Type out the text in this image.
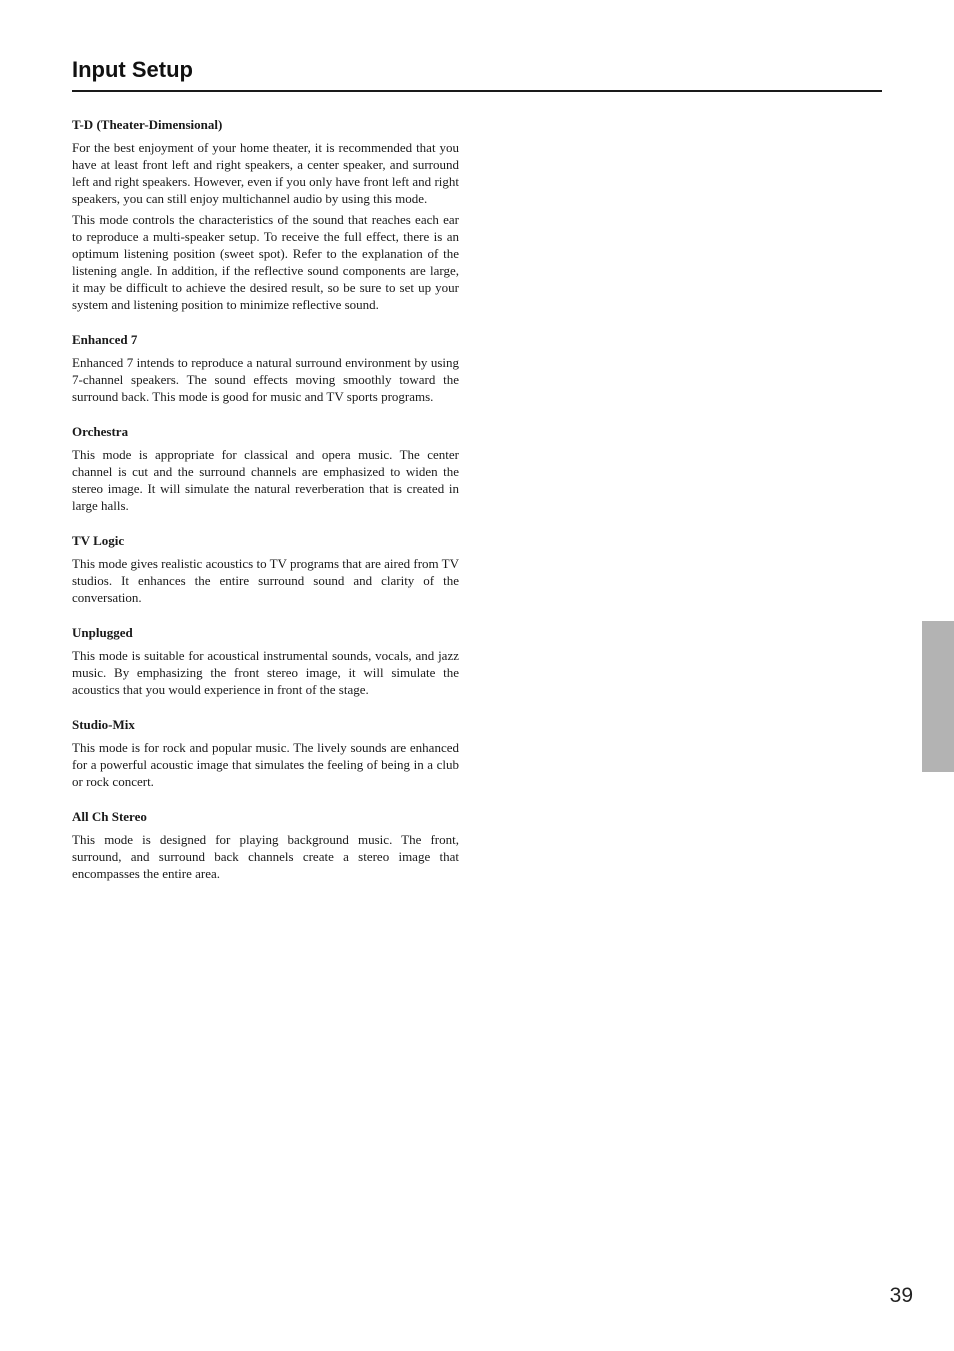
Input Setup
T-D (Theater-Dimensional)

For the best enjoyment of your home theater, it is recommended that you have at least front left and right speakers, a center speaker, and surround left and right speakers. However, even if you only have front left and right speakers, you can still enjoy multichannel audio by using this mode.

This mode controls the characteristics of the sound that reaches each ear to reproduce a multi-speaker setup. To receive the full effect, there is an optimum listening position (sweet spot). Refer to the explanation of the listening angle. In addition, if the reflective sound components are large, it may be difficult to achieve the desired result, so be sure to set up your system and listening position to minimize reflective sound.

Enhanced 7

Enhanced 7 intends to reproduce a natural surround environment by using 7-channel speakers. The sound effects moving smoothly toward the surround back. This mode is good for music and TV sports programs.

Orchestra

This mode is appropriate for classical and opera music. The center channel is cut and the surround channels are emphasized to widen the stereo image. It will simulate the natural reverberation that is created in large halls.

TV Logic

This mode gives realistic acoustics to TV programs that are aired from TV studios. It enhances the entire surround sound and clarity of the conversation.

Unplugged

This mode is suitable for acoustical instrumental sounds, vocals, and jazz music. By emphasizing the front stereo image, it will simulate the acoustics that you would experience in front of the stage.

Studio-Mix

This mode is for rock and popular music. The lively sounds are enhanced for a powerful acoustic image that simulates the feeling of being in a club or rock concert.

All Ch Stereo

This mode is designed for playing background music. The front, surround, and surround back channels create a stereo image that encompasses the entire area.

39
